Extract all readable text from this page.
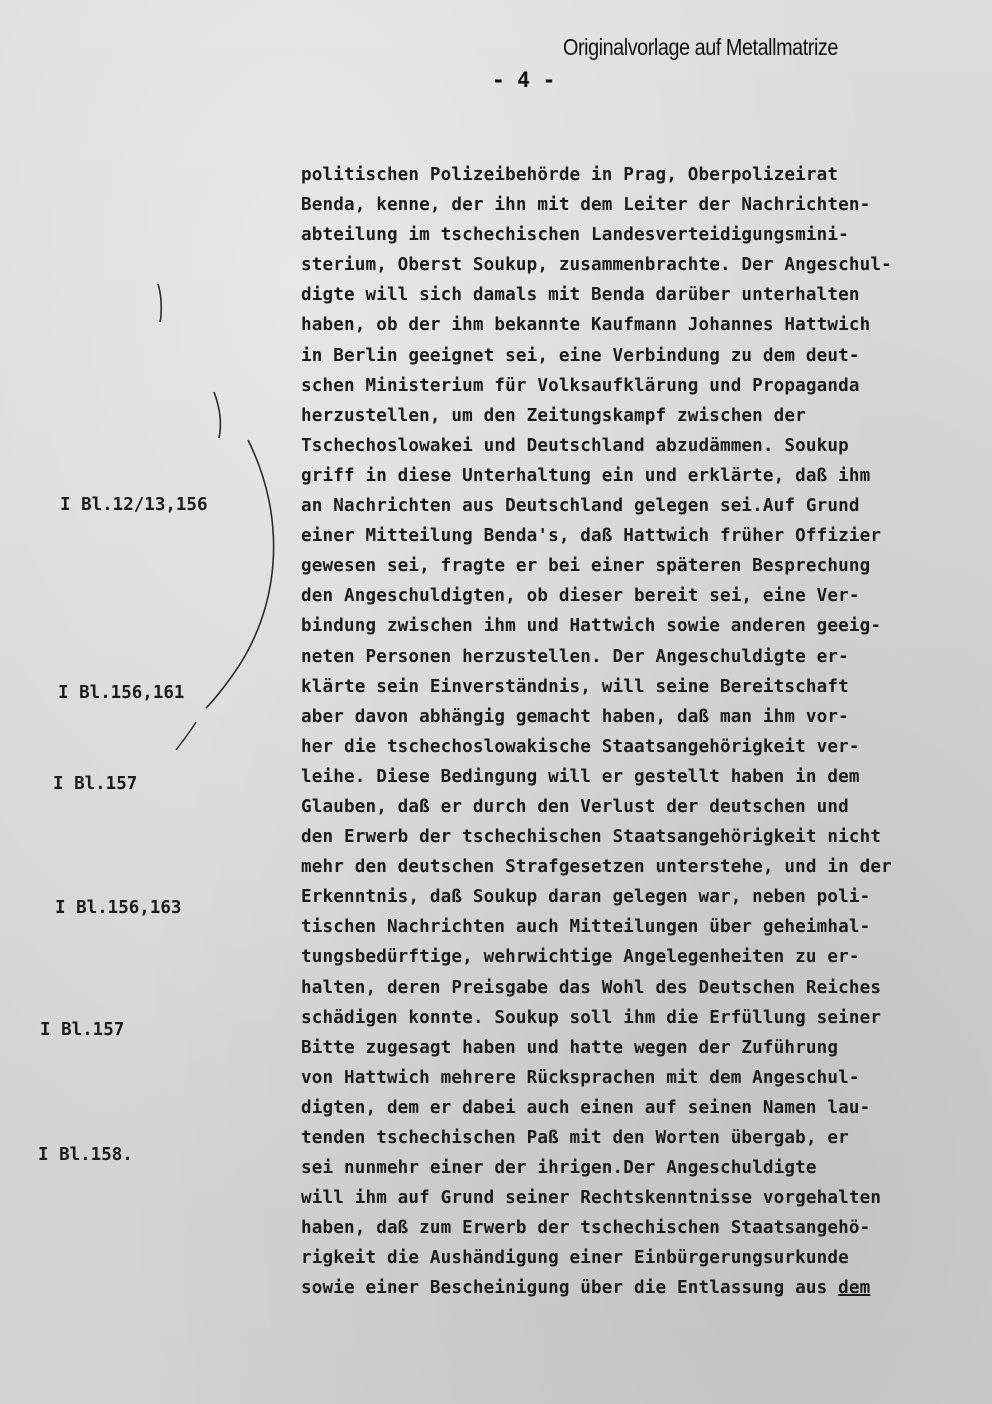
Originalvorlage auf Metallmatrize
- 4 -
I Bl.12/13,156
I Bl.156,161
I Bl.157
I Bl.156,163
I Bl.157
I Bl.158.
politischen Polizeibehörde in Prag, Oberpolizeirat
Benda, kenne, der ihn mit dem Leiter der Nachrichten-
abteilung im tschechischen Landesverteidigungsmini-
sterium, Oberst Soukup, zusammenbrachte. Der Angeschul-
digte will sich damals mit Benda darüber unterhalten
haben, ob der ihm bekannte Kaufmann Johannes Hattwich
in Berlin geeignet sei, eine Verbindung zu dem deut-
schen Ministerium für Volksaufklärung und Propaganda
herzustellen, um den Zeitungskampf zwischen der
Tschechoslowakei und Deutschland abzudämmen. Soukup
griff in diese Unterhaltung ein und erklärte, daß ihm
an Nachrichten aus Deutschland gelegen sei.Auf Grund
einer Mitteilung Benda's, daß Hattwich früher Offizier
gewesen sei, fragte er bei einer späteren Besprechung
den Angeschuldigten, ob dieser bereit sei, eine Ver-
bindung zwischen ihm und Hattwich sowie anderen geeig-
neten Personen herzustellen. Der Angeschuldigte er-
klärte sein Einverständnis, will seine Bereitschaft
aber davon abhängig gemacht haben, daß man ihm vor-
her die tschechoslowakische Staatsangehörigkeit ver-
leihe. Diese Bedingung will er gestellt haben in dem
Glauben, daß er durch den Verlust der deutschen und
den Erwerb der tschechischen Staatsangehörigkeit nicht
mehr den deutschen Strafgesetzen unterstehe, und in der
Erkenntnis, daß Soukup daran gelegen war, neben poli-
tischen Nachrichten auch Mitteilungen über geheimhal-
tungsbedürftige, wehrwichtige Angelegenheiten zu er-
halten, deren Preisgabe das Wohl des Deutschen Reiches
schädigen konnte. Soukup soll ihm die Erfüllung seiner
Bitte zugesagt haben und hatte wegen der Zuführung
von Hattwich mehrere Rücksprachen mit dem Angeschul-
digten, dem er dabei auch einen auf seinen Namen lau-
tenden tschechischen Paß mit den Worten übergab, er
sei nunmehr einer der ihrigen.Der Angeschuldigte
will ihm auf Grund seiner Rechtskenntnisse vorgehalten
haben, daß zum Erwerb der tschechischen Staatsangehö-
rigkeit die Aushändigung einer Einbürgerungsurkunde
sowie einer Bescheinigung über die Entlassung aus dem
